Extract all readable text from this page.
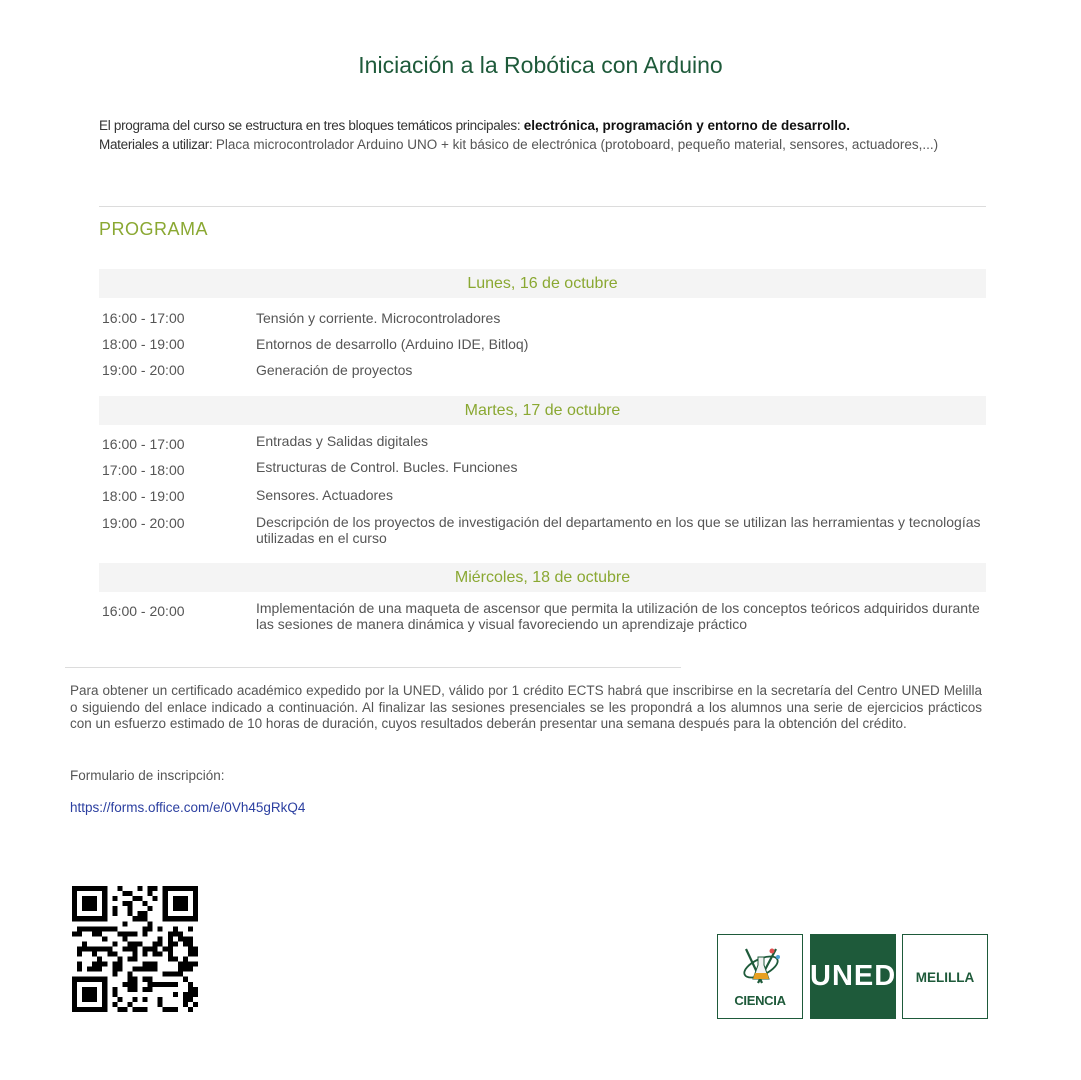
Iniciación a la Robótica con Arduino
El programa del curso se estructura en tres bloques temáticos principales: electrónica, programación y entorno de desarrollo.
Materiales a utilizar: Placa microcontrolador Arduino UNO + kit básico de electrónica (protoboard, pequeño material, sensores, actuadores,...)
PROGRAMA
Lunes, 16 de octubre
16:00 - 17:00	Tensión y corriente. Microcontroladores
18:00 - 19:00	Entornos de desarrollo (Arduino IDE, Bitloq)
19:00 - 20:00	Generación de proyectos
Martes, 17 de octubre
16:00 - 17:00	Entradas y Salidas digitales
17:00 - 18:00	Estructuras de Control. Bucles. Funciones
18:00 - 19:00	Sensores. Actuadores
19:00 - 20:00	Descripción de los proyectos de investigación del departamento en los que se utilizan las herramientas y tecnologías utilizadas en el curso
Miércoles, 18 de octubre
16:00 - 20:00	Implementación de una maqueta de ascensor que permita la utilización de los conceptos teóricos adquiridos durante las sesiones de manera dinámica y visual favoreciendo un aprendizaje práctico
Para obtener un certificado académico expedido por la UNED, válido por 1 crédito ECTS habrá que inscribirse en la secretaría del Centro UNED Melilla o siguiendo del enlace indicado a continuación. Al finalizar las sesiones presenciales se les propondrá a los alumnos una serie de ejercicios prácticos con un esfuerzo estimado de 10 horas de duración, cuyos resultados deberán presentar una semana después para la obtención del crédito.
Formulario de inscripción:
https://forms.office.com/e/0Vh45gRkQ4
CIENCIA
UNED	MELILLA
